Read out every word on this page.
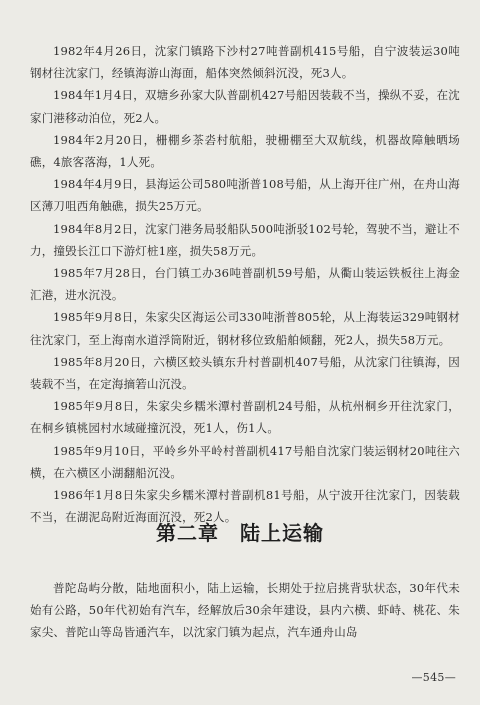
1982年4月26日，沈家门镇路下沙村27吨普副机415号船，自宁波装运30吨钢材往沈家门，经镇海游山海面，船体突然倾斜沉没，死3人。

1984年1月4日，双塘乡孙家大队普副机427号船因装载不当，操纵不妥，在沈家门港移动泊位，死2人。

1984年2月20日，栅棚乡茶沯村航船，驶栅棚至大双航线，机器故障触晒场礁，4旅客落海，1人死。

1984年4月9日，县海运公司580吨浙普108号船，从上海开往广州，在舟山海区薄刀咀西角触礁，损失25万元。

1984年8月2日，沈家门港务局驳船队500吨浙驳102号轮，驾驶不当，避让不力，撞毁长江口下游灯桩1座，损失58万元。

1985年7月28日，台门镇工办36吨普副机59号船，从衢山装运铁板往上海金汇港，进水沉没。

1985年9月8日，朱家尖区海运公司330吨浙普805轮，从上海装运329吨钢材往沈家门，至上海南水道浮筒附近，钢材移位致船舶倾翻，死2人，损失58万元。

1985年8月20日，六横区蛟头镇东升村普副机407号船，从沈家门往镇海，因装载不当，在定海摘箬山沉没。

1985年9月8日，朱家尖乡糯米潭村普副机24号船，从杭州桐乡开往沈家门，在桐乡镇桃园村水域碰撞沉没，死1人，伤1人。

1985年9月10日，平岭乡外平岭村普副机417号船自沈家门装运钢材20吨往六横，在六横区小湖翻船沉没。

1986年1月8日朱家尖乡糯米潭村普副机81号船，从宁波开往沈家门，因装载不当，在湖泥岛附近海面沉没，死2人。

第二章　陆上运输

普陀岛屿分散，陆地面积小，陆上运输，长期处于拉启挑背驮状态，30年代未始有公路，50年代初始有汽车，经解放后30余年建设，县内六横、虾峙、桃花、朱家尖、普陀山等岛皆通汽车，以沈家门镇为起点，汽车通舟山岛

—545—
